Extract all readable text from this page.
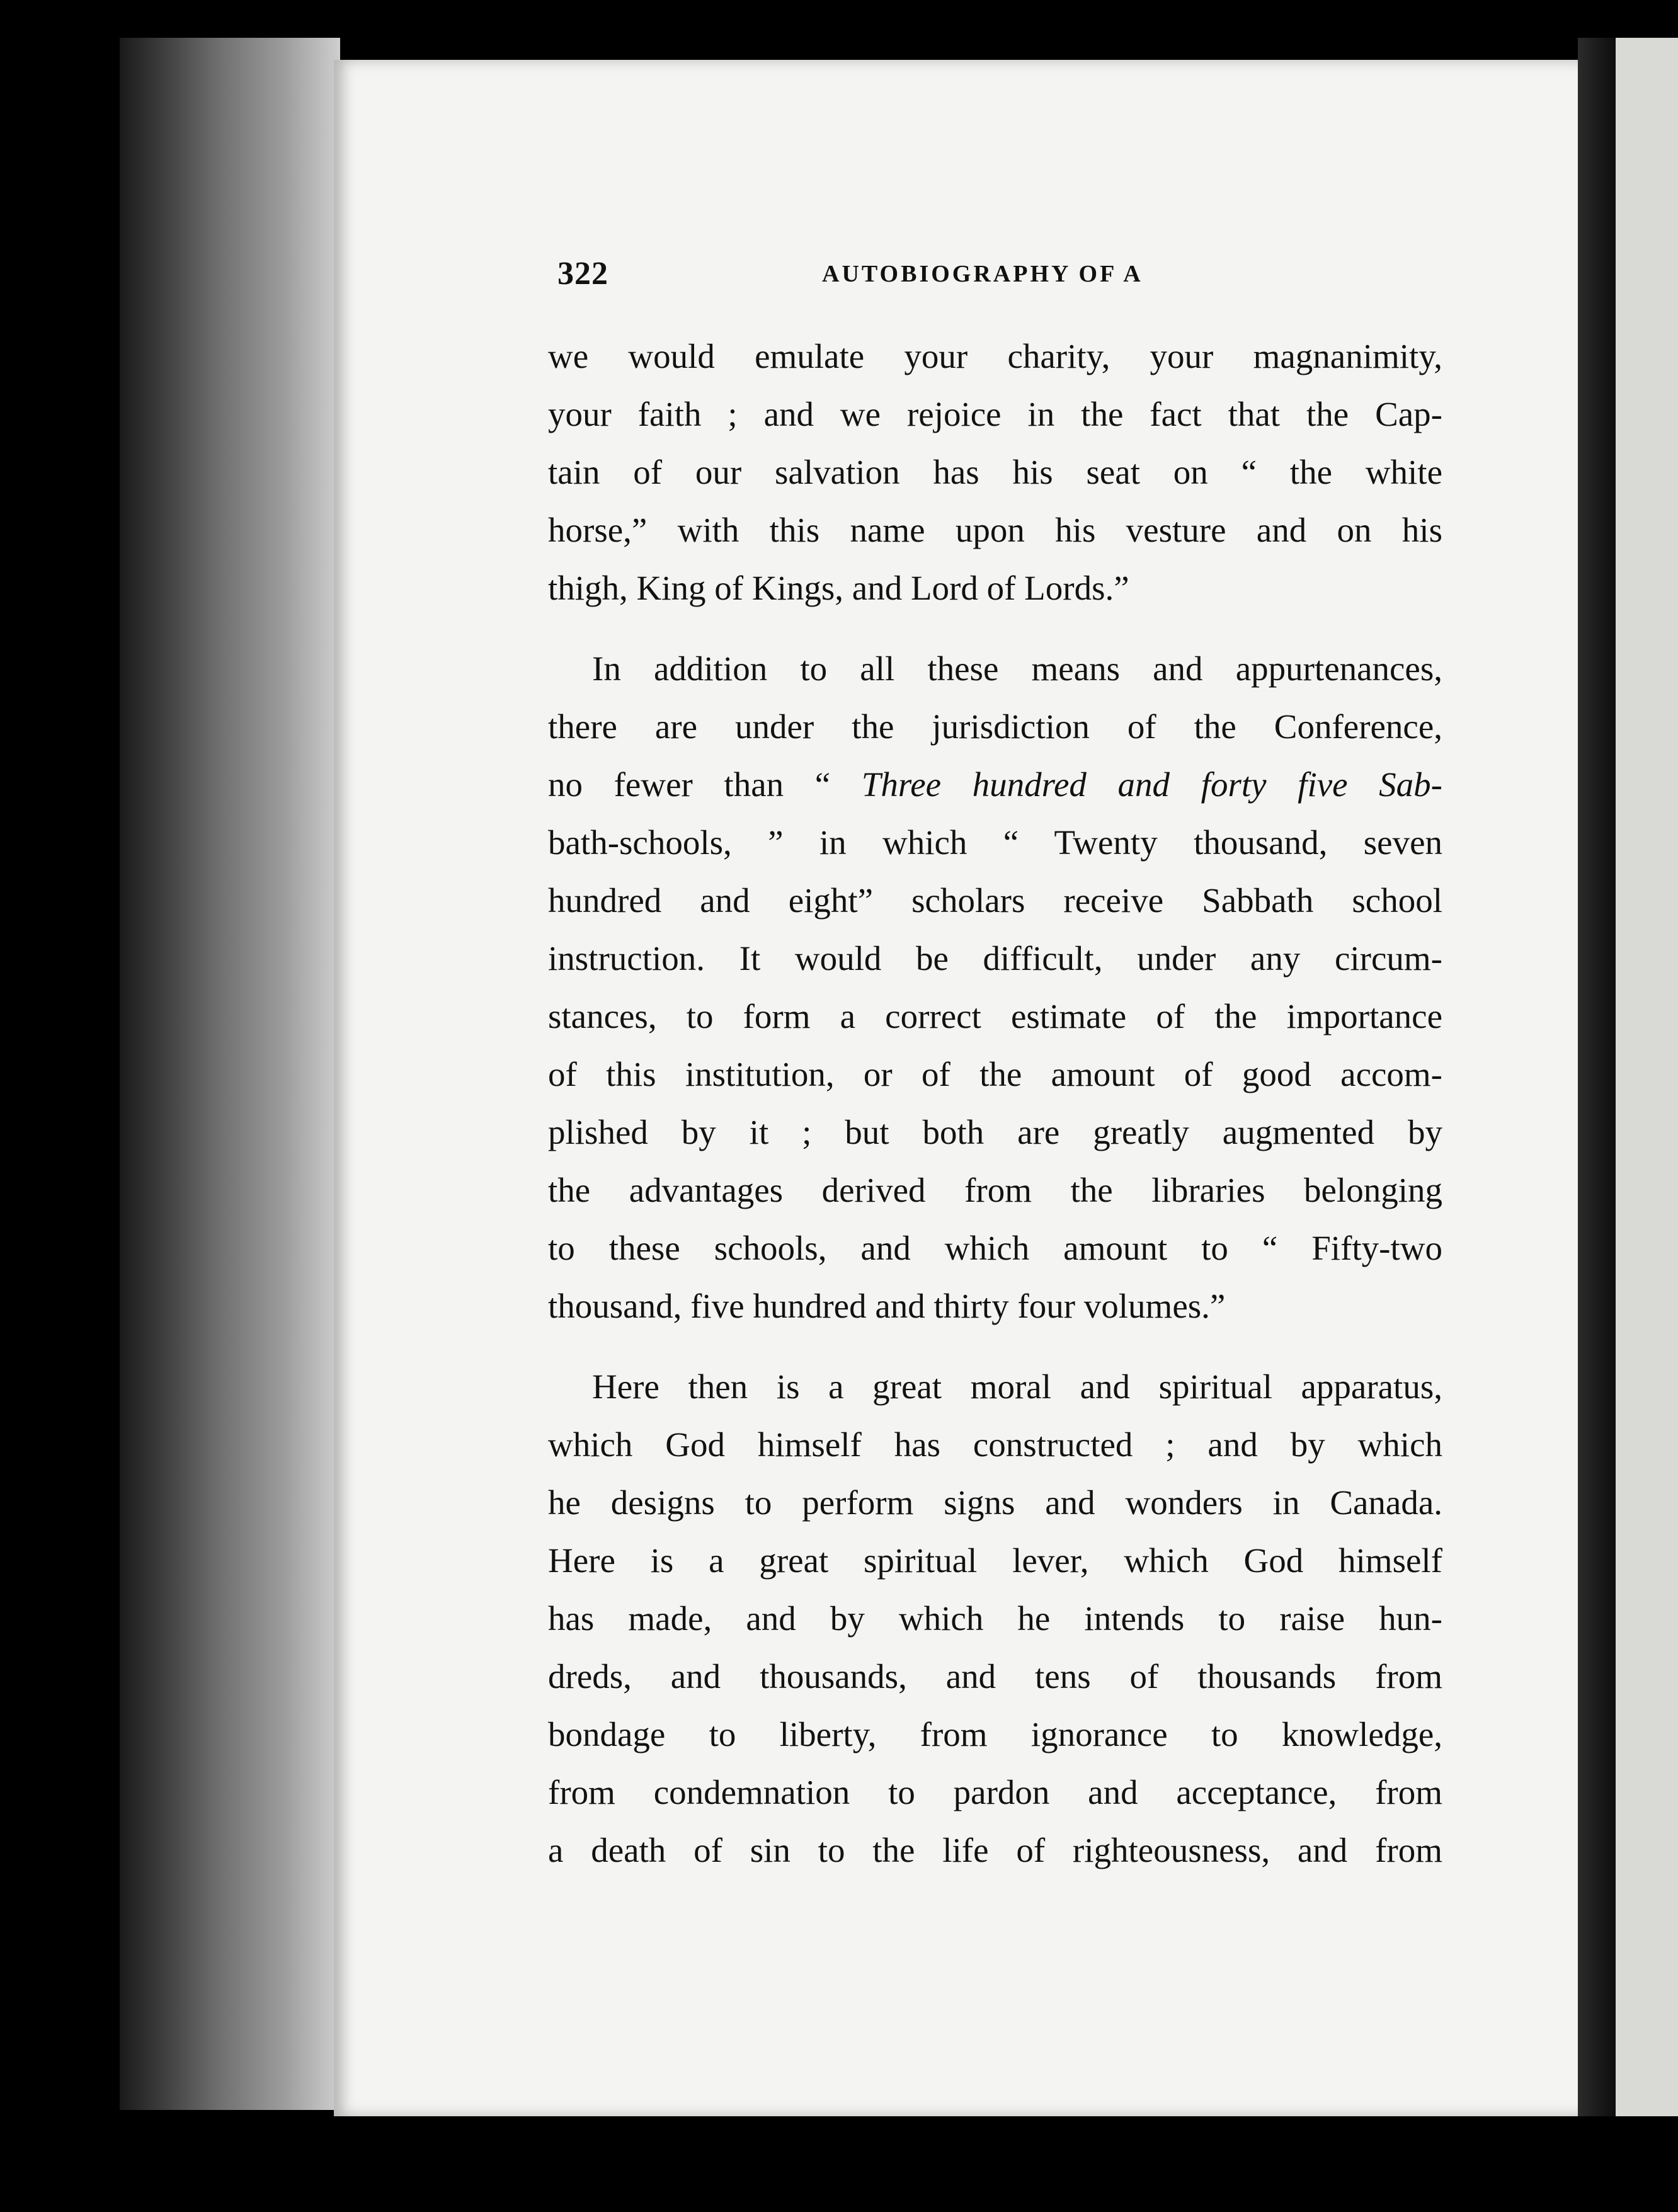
322	AUTOBIOGRAPHY OF A

we would emulate your charity, your magnanimity,
your faith ; and we rejoice in the fact that the Cap-
tain of our salvation has his seat on “ the white
horse,” with this name upon his vesture and on his
thigh, King of Kings, and Lord of Lords.”

In addition to all these means and appurtenances,
there are under the jurisdiction of the Conference,
no fewer than “ Three hundred and forty five Sab-
bath-schools, ” in which “ Twenty thousand, seven
hundred and eight” scholars receive Sabbath school
instruction. It would be difficult, under any circum-
stances, to form a correct estimate of the importance
of this institution, or of the amount of good accom-
plished by it ; but both are greatly augmented by
the advantages derived from the libraries belonging
to these schools, and which amount to “ Fifty-two
thousand, five hundred and thirty four volumes.”

Here then is a great moral and spiritual apparatus,
which God himself has constructed ; and by which
he designs to perform signs and wonders in Canada.
Here is a great spiritual lever, which God himself
has made, and by which he intends to raise hun-
dreds, and thousands, and tens of thousands from
bondage to liberty, from ignorance to knowledge,
from condemnation to pardon and acceptance, from
a death of sin to the life of righteousness, and from
